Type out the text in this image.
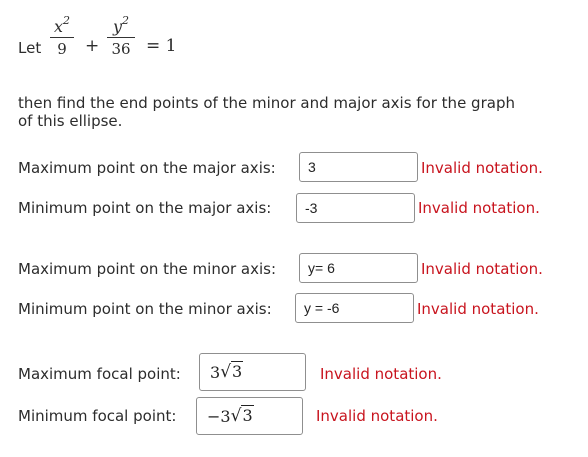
Let
$x^2$
9	+
$y^2$
36 = 1
then find the end points of the minor and major axis for the graph
of this ellipse.
Maximum point on the major axis:	3	Invalid notation.
Minimum point on the major axis:	-3	Invalid notation.
Maximum point on the minor axis:	y= 6	Invalid notation.
Minimum point on the minor axis:	y = -6	Invalid notation.
Maximum focal point: 3 √3	Invalid notation.
Minimum focal point: − 3 √3	Invalid notation.
